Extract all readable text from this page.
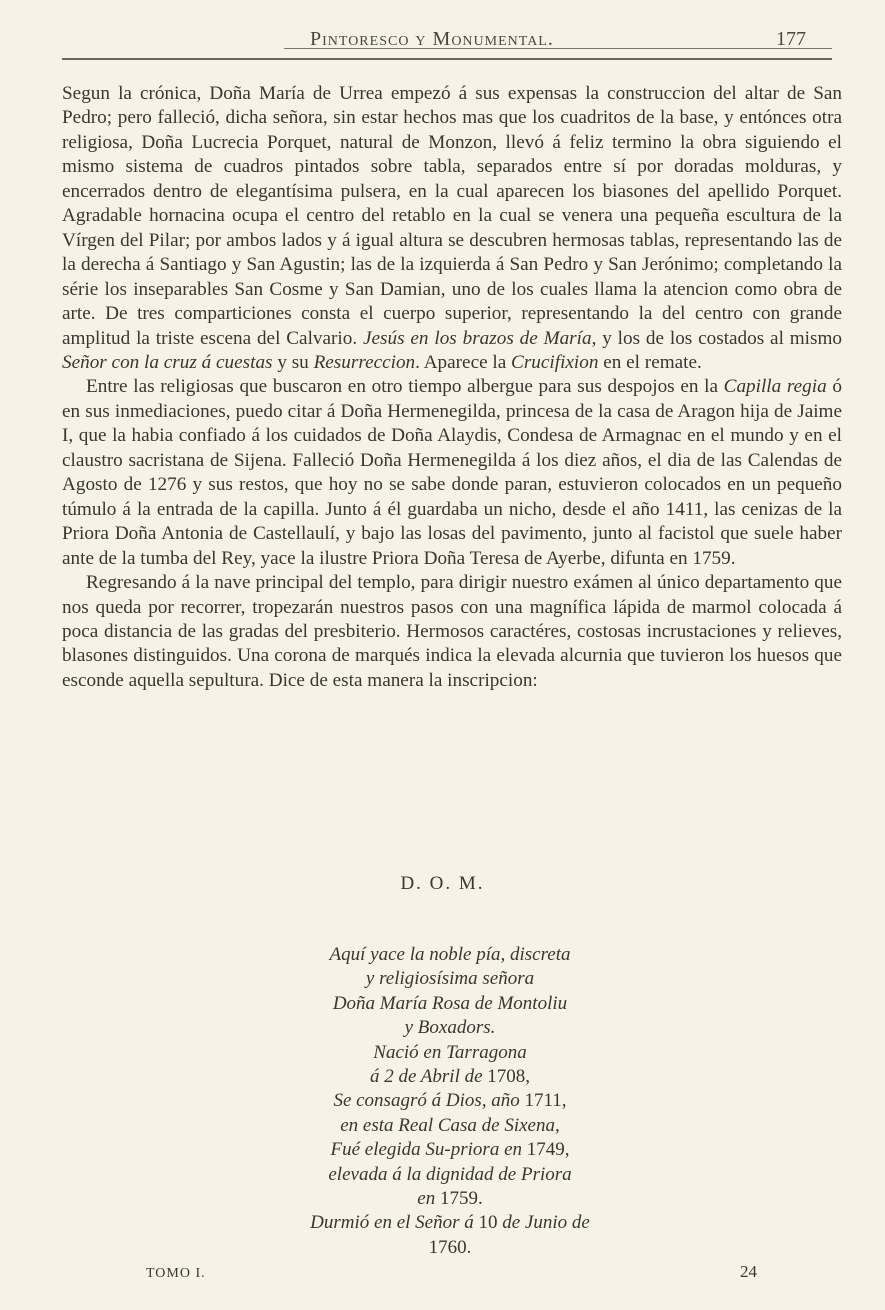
Pintoresco y Monumental.	177

Segun la crónica, Doña María de Urrea empezó á sus expensas la construccion del altar de San Pedro; pero falleció, dicha señora, sin estar hechos mas que los cuadritos de la base, y entónces otra religiosa, Doña Lucrecia Porquet, natural de Monzon, llevó á feliz termino la obra siguiendo el mismo sistema de cuadros pintados sobre tabla, separados entre sí por doradas molduras, y encerrados dentro de elegantísima pulsera, en la cual aparecen los biasones del apellido Porquet. Agradable hornacina ocupa el centro del retablo en la cual se venera una pequeña escultura de la Vírgen del Pilar; por ambos lados y á igual altura se descubren hermosas tablas, representando las de la derecha á Santiago y San Agustin; las de la izquierda á San Pedro y San Jerónimo; completando la série los inseparables San Cosme y San Damian, uno de los cuales llama la atencion como obra de arte. De tres comparticiones consta el cuerpo superior, representando la del centro con grande amplitud la triste escena del Calvario. Jesús en los brazos de María, y los de los costados al mismo Señor con la cruz á cuestas y su Resurreccion. Aparece la Crucifixion en el remate.

Entre las religiosas que buscaron en otro tiempo albergue para sus despojos en la Capilla regia ó en sus inmediaciones, puedo citar á Doña Hermenegilda, princesa de la casa de Aragon hija de Jaime I, que la habia confiado á los cuidados de Doña Alaydis, Condesa de Armagnac en el mundo y en el claustro sacristana de Sijena. Falleció Doña Hermenegilda á los diez años, el dia de las Calendas de Agosto de 1276 y sus restos, que hoy no se sabe donde paran, estuvieron colocados en un pequeño túmulo á la entrada de la capilla. Junto á él guardaba un nicho, desde el año 1411, las cenizas de la Priora Doña Antonia de Castellaulí, y bajo las losas del pavimento, junto al facistol que suele haber ante de la tumba del Rey, yace la ilustre Priora Doña Teresa de Ayerbe, difunta en 1759.

Regresando á la nave principal del templo, para dirigir nuestro exámen al único departamento que nos queda por recorrer, tropezarán nuestros pasos con una magnífica lápida de marmol colocada á poca distancia de las gradas del presbiterio. Hermosos caractéres, costosas incrustaciones y relieves, blasones distinguidos. Una corona de marqués indica la elevada alcurnia que tuvieron los huesos que esconde aquella sepultura. Dice de esta manera la inscripcion:

D. O. M.
Aquí yace la noble pía, discreta
y religiosísima señora
Doña María Rosa de Montoliu
y Boxadors.
Nació en Tarragona
á 2 de Abril de 1708,
Se consagró á Dios, año 1711,
en esta Real Casa de Sixena,
Fué elegida Su-priora en 1749,
elevada á la dignidad de Priora
en 1759.
Durmió en el Señor á 10 de Junio de
1760.
TOMO I.	24
